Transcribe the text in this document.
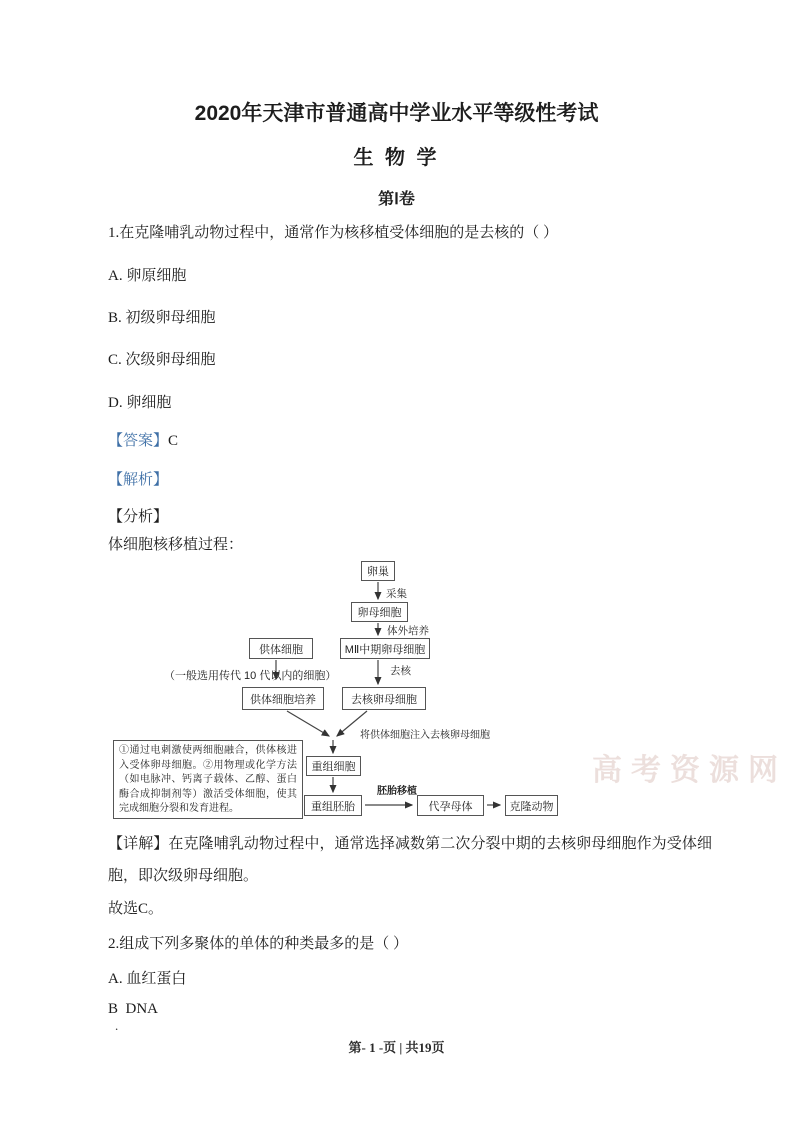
2020年天津市普通高中学业水平等级性考试
生 物 学
第Ⅰ卷
1.在克隆哺乳动物过程中，通常作为核移植受体细胞的是去核的（ ）
A. 卵原细胞
B. 初级卵母细胞
C. 次级卵母细胞
D. 卵细胞
【答案】C
【解析】
【分析】
体细胞核移植过程：
卵巢
采集
卵母细胞
体外培养
MⅡ中期卵母细胞
去核
供体细胞
（一般选用传代 10 代以内的细胞）
供体细胞培养	去核卵母细胞
将供体细胞注入去核卵母细胞
①通过电刺激使两细胞融合，供体核进入受体卵母细胞。②用物理或化学方法（如电脉冲、钙离子载体、乙醇、蛋白酶合成抑制剂等）激活受体细胞，使其完成细胞分裂和发育进程。
重组细胞
胚胎移植
重组胚胎	代孕母体	克隆动物
【详解】在克隆哺乳动物过程中，通常选择减数第二次分裂中期的去核卵母细胞作为受体细胞，即次级卵母细胞。
故选C。
2.组成下列多聚体的单体的种类最多的是（ ）
A. 血红蛋白
B DNA
.
高考资源网
第- 1 -页 | 共19页
